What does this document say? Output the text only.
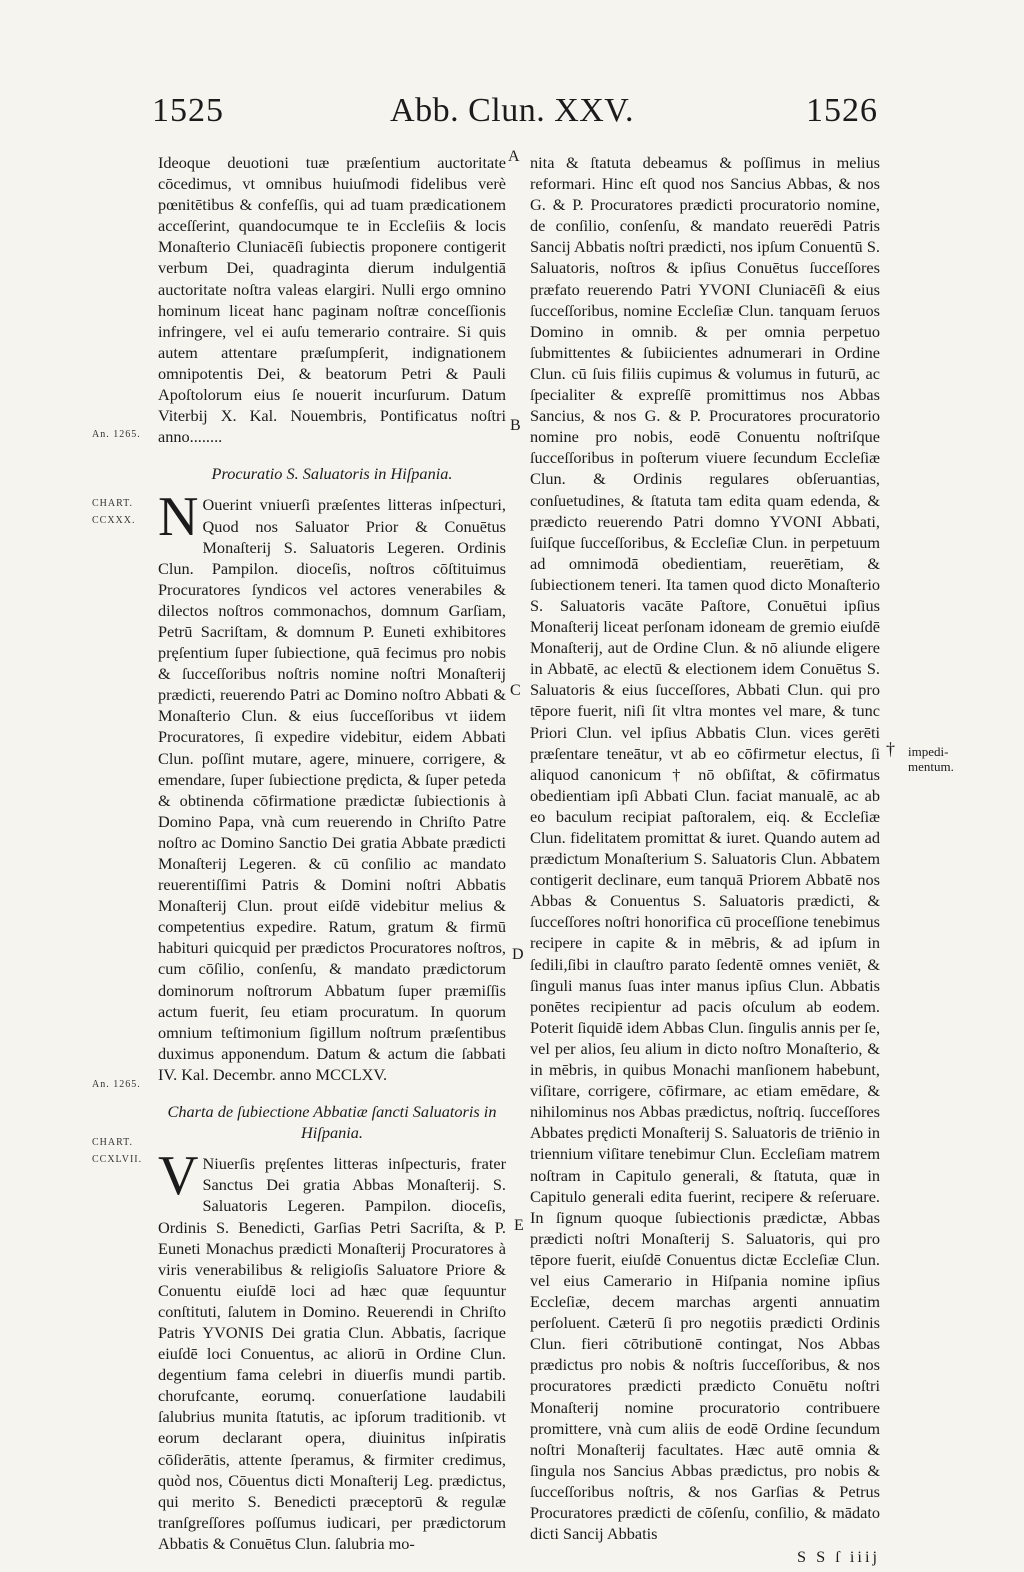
1525	Abb. Clun. XXV.	1526
An. 1265.
CHART.
CCXXX.
An. 1265.
CHART.
CCXLVII.
A
B
C
D
E
†	impedi-mentum.

Ideoque deuotioni tuæ præſentium auctoritate cōcedimus, vt omnibus huiuſmodi fidelibus verè pœnitētibus & confeſſis, qui ad tuam prædicationem acceſſerint, quandocumque te in Eccleſiis & locis Monaſterio Cluniacēſi ſubiectis proponere contigerit verbum Dei, quadraginta dierum indulgentiā auctoritate noſtra valeas elargiri. Nulli ergo omnino hominum liceat hanc paginam noſtræ conceſſionis infringere, vel ei auſu temerario contraire. Si quis autem attentare præſumpſerit, indignationem omnipotentis Dei, & beatorum Petri & Pauli Apoſtolorum eius ſe nouerit incurſurum. Datum Viterbij X. Kal. Nouembris, Pontificatus noſtri anno........

Procuratio S. Saluatoris in Hiſpania.

N Ouerint vniuerſi præſentes litteras inſpecturi, Quod nos Saluator Prior & Conuētus Monaſterij S. Saluatoris Legeren. Ordinis Clun. Pampilon. dioceſis, noſtros cōſtituimus Procuratores ſyndicos vel actores venerabiles & dilectos noſtros commonachos, domnum Garſiam, Petrū Sacriſtam, & domnum P. Euneti exhibitores pręſentium ſuper ſubiectione, quā fecimus pro nobis & ſucceſſoribus noſtris nomine noſtri Monaſterij prædicti, reuerendo Patri ac Domino noſtro Abbati & Monaſterio Clun. & eius ſucceſſoribus vt iidem Procuratores, ſi expedire videbitur, eidem Abbati Clun. poſſint mutare, agere, minuere, corrigere, & emendare, ſuper ſubiectione prędicta, & ſuper peteda & obtinenda cōfirmatione prædictæ ſubiectionis à Domino Papa, vnà cum reuerendo in Chriſto Patre noſtro ac Domino Sanctio Dei gratia Abbate prædicti Monaſterij Legeren. & cū conſilio ac mandato reuerentiſſimi Patris & Domini noſtri Abbatis Monaſterij Clun. prout eiſdē videbitur melius & competentius expedire. Ratum, gratum & firmū habituri quicquid per prædictos Procuratores noſtros, cum cōſilio, conſenſu, & mandato prædictorum dominorum noſtrorum Abbatum ſuper præmiſſis actum fuerit, ſeu etiam procuratum. In quorum omnium teſtimonium ſigillum noſtrum præſentibus duximus apponendum. Datum & actum die ſabbati IV. Kal. Decembr. anno MCCLXV.

Charta de ſubiectione Abbatiæ ſancti Saluatoris in Hiſpania.

V Niuerſis pręſentes litteras inſpecturis, frater Sanctus Dei gratia Abbas Monaſterij. S. Saluatoris Legeren. Pampilon. dioceſis, Ordinis S. Benedicti, Garſias Petri Sacriſta, & P. Euneti Monachus prædicti Monaſterij Procuratores à viris venerabilibus & religioſis Saluatore Priore & Conuentu eiuſdē loci ad hæc quæ ſequuntur conſtituti, ſalutem in Domino. Reuerendi in Chriſto Patris YVONIS Dei gratia Clun. Abbatis, ſacrique eiuſdē loci Conuentus, ac aliorū in Ordine Clun. degentium fama celebri in diuerſis mundi partib. chorufcante, eorumq. conuerſatione laudabili ſalubrius munita ſtatutis, ac ipſorum traditionib. vt eorum declarant opera, diuinitus inſpiratis cōſiderātis, attente ſperamus, & firmiter credimus, quòd nos, Cōuentus dicti Monaſterij Leg. prædictus, qui merito S. Benedicti præceptorū & regulæ tranſgreſſores poſſumus iudicari, per prædictorum Abbatis & Conuētus Clun. ſalubria mo-

nita & ſtatuta debeamus & poſſimus in melius reformari. Hinc eſt quod nos Sancius Abbas, & nos G. & P. Procuratores prædicti procuratorio nomine, de conſilio, conſenſu, & mandato reuerēdi Patris Sancij Abbatis noſtri prædicti, nos ipſum Conuentū S. Saluatoris, noſtros & ipſius Conuētus ſucceſſores præfato reuerendo Patri YVONI Cluniacēſi & eius ſucceſſoribus, nomine Eccleſiæ Clun. tanquam ſeruos Domino in omnib. & per omnia perpetuo ſubmittentes & ſubiicientes adnumerari in Ordine Clun. cū ſuis filiis cupimus & volumus in futurū, ac ſpecialiter & expreſſē promittimus nos Abbas Sancius, & nos G. & P. Procuratores procuratorio nomine pro nobis, eodē Conuentu noſtriſque ſucceſſoribus in poſterum viuere ſecundum Eccleſiæ Clun. & Ordinis regulares obſeruantias, conſuetudines, & ſtatuta tam edita quam edenda, & prædicto reuerendo Patri domno YVONI Abbati, ſuiſque ſucceſſoribus, & Eccleſiæ Clun. in perpetuum ad omnimodā obedientiam, reuerētiam, & ſubiectionem teneri. Ita tamen quod dicto Monaſterio S. Saluatoris vacāte Paſtore, Conuētui ipſius Monaſterij liceat perſonam idoneam de gremio eiuſdē Monaſterij, aut de Ordine Clun. & nō aliunde eligere in Abbatē, ac electū & electionem idem Conuētus S. Saluatoris & eius ſucceſſores, Abbati Clun. qui pro tēpore fuerit, niſi ſit vltra montes vel mare, & tunc Priori Clun. vel ipſius Abbatis Clun. vices gerēti præſentare teneātur, vt ab eo cōfirmetur electus, ſi aliquod canonicum † nō obſiſtat, & cōfirmatus obedientiam ipſi Abbati Clun. faciat manualē, ac ab eo baculum recipiat paſtoralem, eiq. & Eccleſiæ Clun. fidelitatem promittat & iuret. Quando autem ad prædictum Monaſterium S. Saluatoris Clun. Abbatem contigerit declinare, eum tanquā Priorem Abbatē nos Abbas & Conuentus S. Saluatoris prædicti, & ſucceſſores noſtri honorifica cū proceſſione tenebimus recipere in capite & in mēbris, & ad ipſum in ſedili,ſibi in clauſtro parato ſedentē omnes veniēt, & ſinguli manus ſuas inter manus ipſius Clun. Abbatis ponētes recipientur ad pacis oſculum ab eodem. Poterit ſiquidē idem Abbas Clun. ſingulis annis per ſe, vel per alios, ſeu alium in dicto noſtro Monaſterio, & in mēbris, in quibus Monachi manſionem habebunt, viſitare, corrigere, cōfirmare, ac etiam emēdare, & nihilominus nos Abbas prædictus, noſtriq. ſucceſſores Abbates prędicti Monaſterij S. Saluatoris de triēnio in triennium viſitare tenebimur Clun. Eccleſiam matrem noſtram in Capitulo generali, & ſtatuta, quæ in Capitulo generali edita fuerint, recipere & reſeruare. In ſignum quoque ſubiectionis prædictæ, Abbas prædicti noſtri Monaſterij S. Saluatoris, qui pro tēpore fuerit, eiuſdē Conuentus dictæ Eccleſiæ Clun. vel eius Camerario in Hiſpania nomine ipſius Eccleſiæ, decem marchas argenti annuatim perſoluent. Cæterū ſi pro negotiis prædicti Ordinis Clun. fieri cōtributionē contingat, Nos Abbas prædictus pro nobis & noſtris ſucceſſoribus, & nos procuratores prædicti prædicto Conuētu noſtri Monaſterij nomine procuratorio contribuere promittere, vnà cum aliis de eodē Ordine ſecundum noſtri Monaſterij facultates. Hæc autē omnia & ſingula nos Sancius Abbas prædictus, pro nobis & ſucceſſoribus noſtris, & nos Garſias & Petrus Procuratores prædicti de cōſenſu, conſilio, & mādato dicti Sancij Abbatis

S S ſ iiij
